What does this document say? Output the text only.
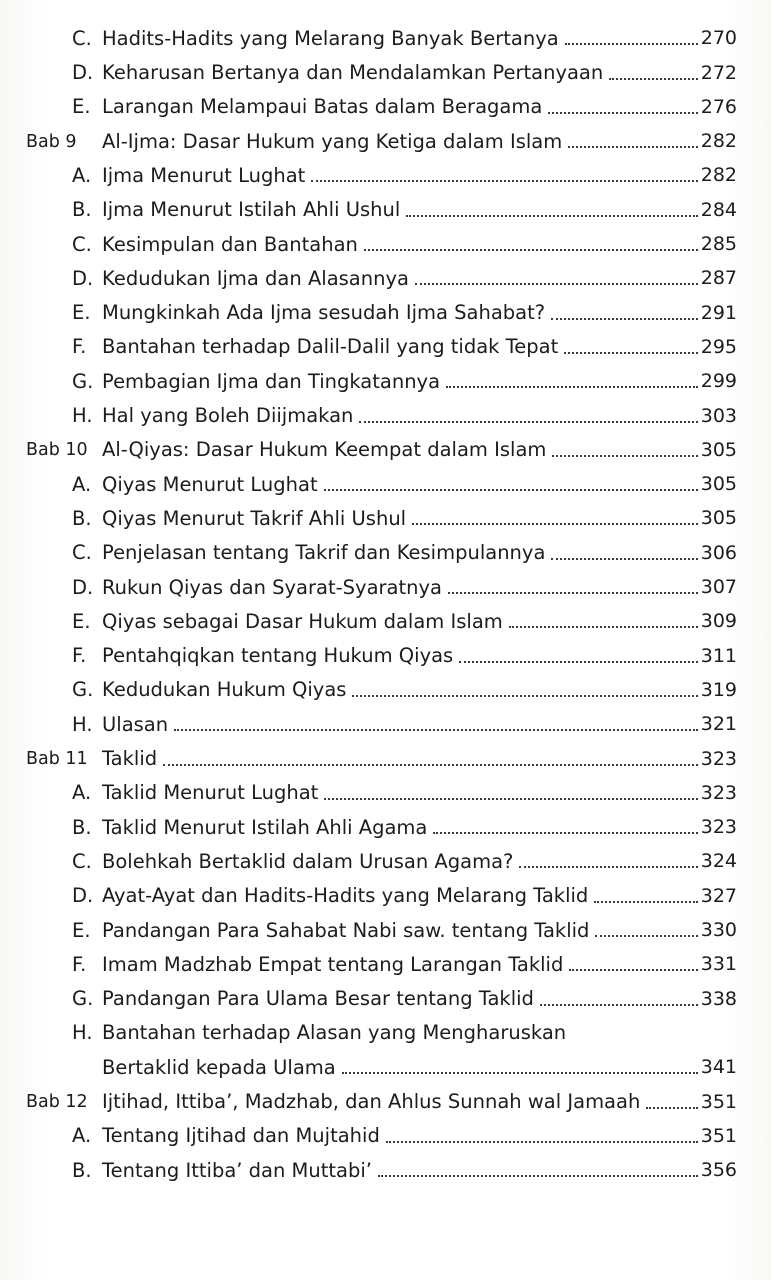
C. Hadits-Hadits yang Melarang Banyak Bertanya	270
D. Keharusan Bertanya dan Mendalamkan Pertanyaan	272
E. Larangan Melampaui Batas dalam Beragama	276
Bab 9	Al-Ijma: Dasar Hukum yang Ketiga dalam Islam	282
A. Ijma Menurut Lughat	282
B. Ijma Menurut Istilah Ahli Ushul	284
C. Kesimpulan dan Bantahan	285
D. Kedudukan Ijma dan Alasannya	287
E. Mungkinkah Ada Ijma sesudah Ijma Sahabat?	291
F. Bantahan terhadap Dalil-Dalil yang tidak Tepat	295
G. Pembagian Ijma dan Tingkatannya	299
H. Hal yang Boleh Diijmakan	303
Bab 10 Al-Qiyas: Dasar Hukum Keempat dalam Islam	305
A. Qiyas Menurut Lughat	305
B. Qiyas Menurut Takrif Ahli Ushul	305
C. Penjelasan tentang Takrif dan Kesimpulannya	306
D. Rukun Qiyas dan Syarat-Syaratnya	307
E. Qiyas sebagai Dasar Hukum dalam Islam	309
F. Pentahqiqkan tentang Hukum Qiyas	311
G. Kedudukan Hukum Qiyas	319
H. Ulasan	321
Bab 11 Taklid	323
A. Taklid Menurut Lughat	323
B. Taklid Menurut Istilah Ahli Agama	323
C. Bolehkah Bertaklid dalam Urusan Agama?	324
D. Ayat-Ayat dan Hadits-Hadits yang Melarang Taklid	327
E. Pandangan Para Sahabat Nabi saw. tentang Taklid	330
F. Imam Madzhab Empat tentang Larangan Taklid	331
G. Pandangan Para Ulama Besar tentang Taklid	338
H. Bantahan terhadap Alasan yang Mengharuskan
Bertaklid kepada Ulama	341
Bab 12 Ijtihad, Ittiba’, Madzhab, dan Ahlus Sunnah wal Jamaah	351
A. Tentang Ijtihad dan Mujtahid	351
B. Tentang Ittiba’ dan Muttabi’	356
